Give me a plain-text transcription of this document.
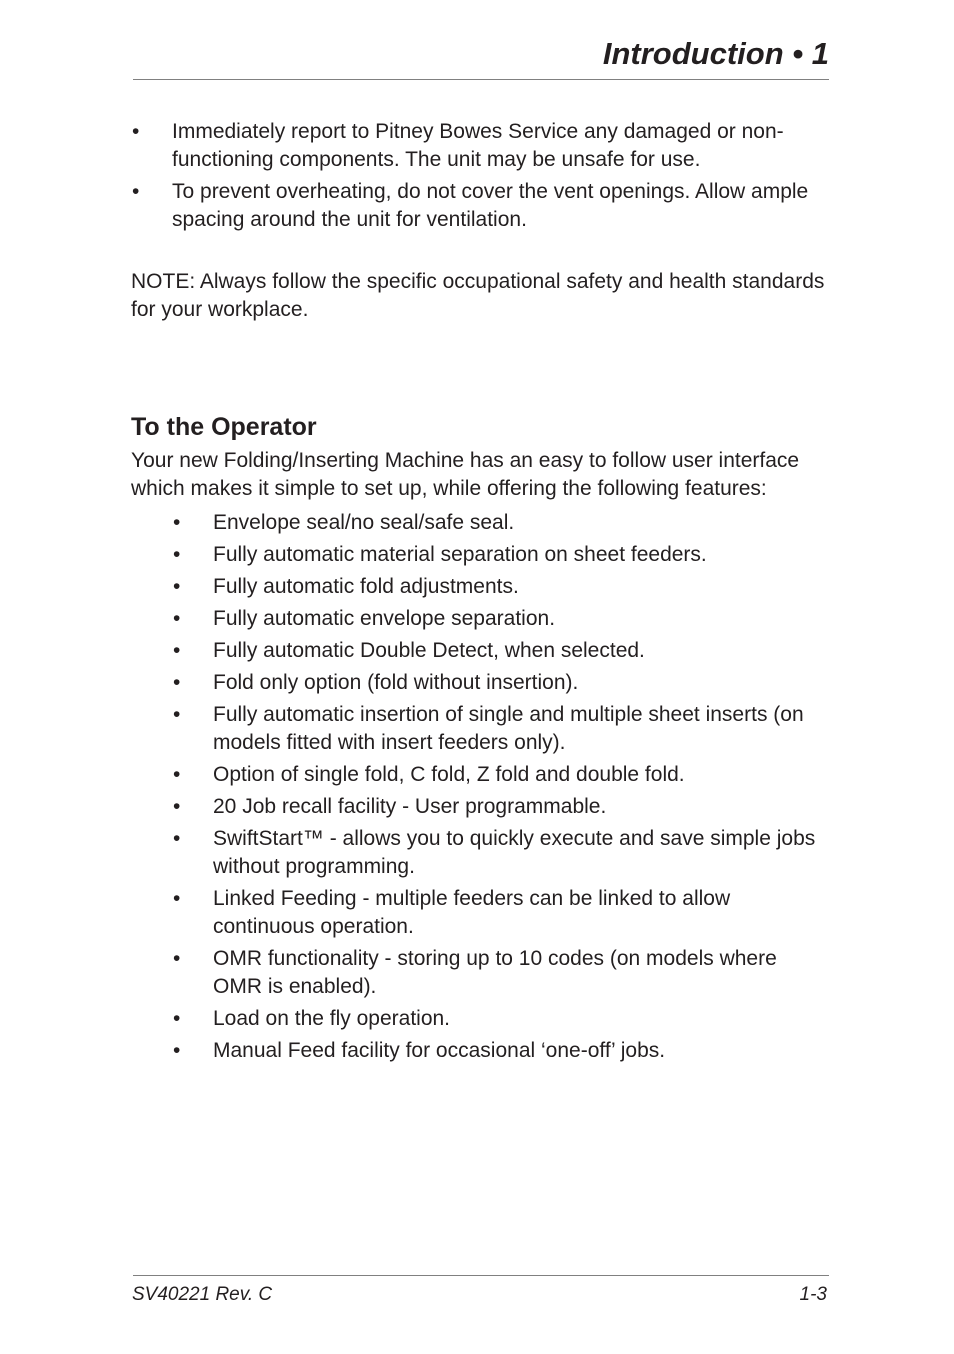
Introduction • 1
• Immediately report to Pitney Bowes Service any damaged or non-functioning components. The unit may be unsafe for use.
• To prevent overheating, do not cover the vent openings. Allow ample spacing around the unit for ventilation.

NOTE: Always follow the specific occupational safety and health standards for your workplace.

To the Operator

Your new Folding/Inserting Machine has an easy to follow user interface which makes it simple to set up, while offering the following features:

• Envelope seal/no seal/safe seal.
• Fully automatic material separation on sheet feeders.
• Fully automatic fold adjustments.
• Fully automatic envelope separation.
• Fully automatic Double Detect, when selected.
• Fold only option (fold without insertion).
• Fully automatic insertion of single and multiple sheet inserts (on models fitted with insert feeders only).
• Option of single fold, C fold, Z fold and double fold.
• 20 Job recall facility - User programmable.
• SwiftStart™ - allows you to quickly execute and save simple jobs without programming.
• Linked Feeding - multiple feeders can be linked to allow continuous operation.
• OMR functionality - storing up to 10 codes (on models where OMR is enabled).
• Load on the fly operation.
• Manual Feed facility for occasional ‘one-off’ jobs.
SV40221 Rev. C	1-3
